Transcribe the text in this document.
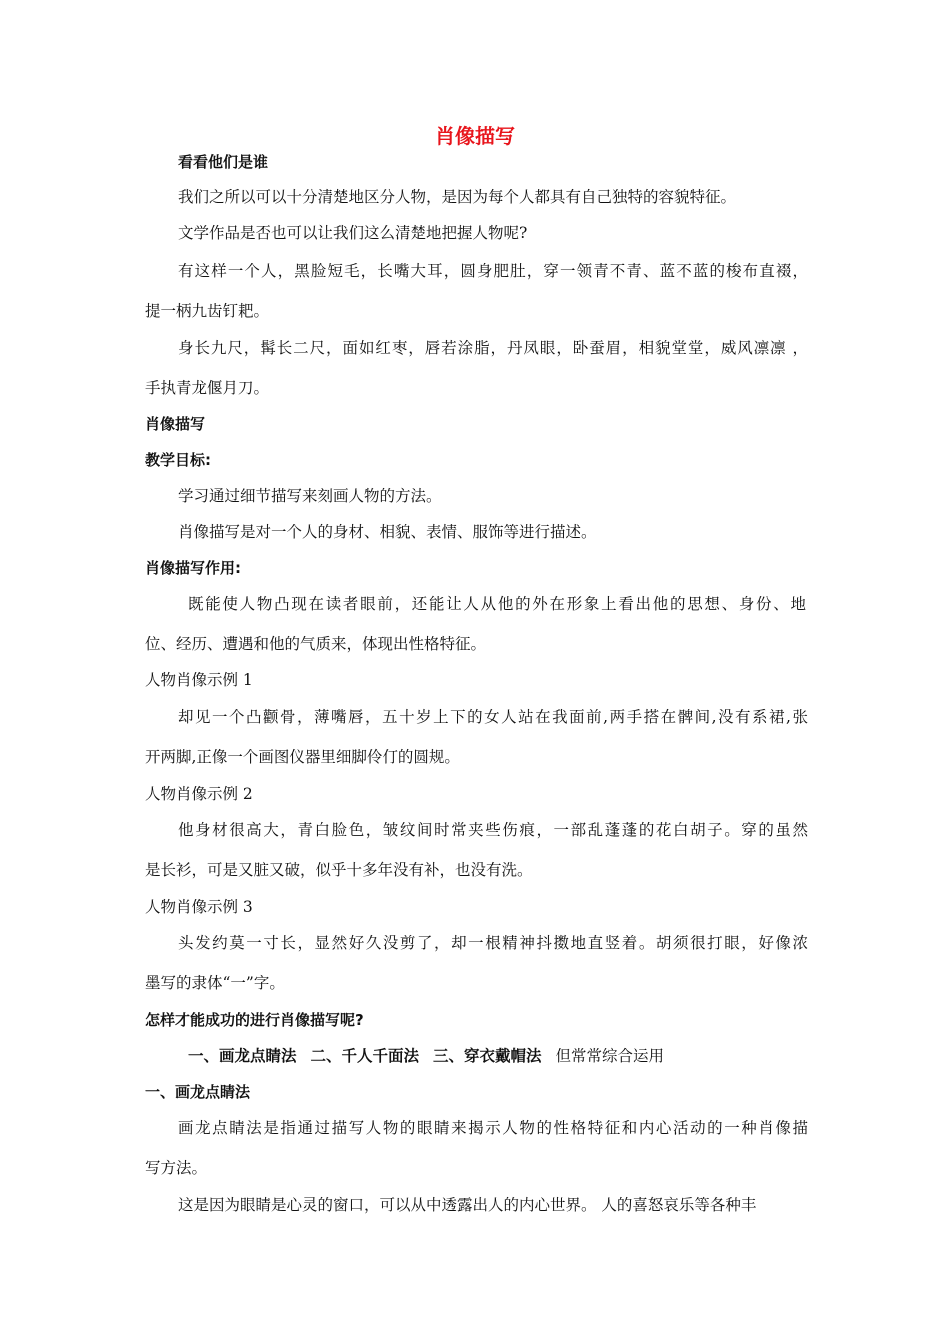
肖像描写
看看他们是谁
我们之所以可以十分清楚地区分人物，是因为每个人都具有自己独特的容貌特征。
文学作品是否也可以让我们这么清楚地把握人物呢?
有这样一个人，黑脸短毛，长嘴大耳，圆身肥肚，穿一领青不青、蓝不蓝的梭布直裰，
提一柄九齿钉耙。
身长九尺，髯长二尺，面如红枣，唇若涂脂，丹凤眼，卧蚕眉，相貌堂堂，威风凛凛 ，
手执青龙偃月刀。
肖像描写
教学目标:
学习通过细节描写来刻画人物的方法。
肖像描写是对一个人的身材、相貌、表情、服饰等进行描述。
肖像描写作用:
既能使人物凸现在读者眼前，还能让人从他的外在形象上看出他的思想、身份、地
位、经历、遭遇和他的气质来，体现出性格特征。
人物肖像示例 1
却见一个凸颧骨，薄嘴唇，五十岁上下的女人站在我面前,两手搭在髀间,没有系裙,张
开两脚,正像一个画图仪器里细脚伶仃的圆规。
人物肖像示例 2
他身材很高大，青白脸色，皱纹间时常夹些伤痕，一部乱蓬蓬的花白胡子。穿的虽然
是长衫，可是又脏又破，似乎十多年没有补，也没有洗。
人物肖像示例 3
头发约莫一寸长，显然好久没剪了，却一根精神抖擞地直竖着。胡须很打眼，好像浓
墨写的隶体“一”字。
怎样才能成功的进行肖像描写呢?
一、画龙点睛法 二、千人千面法 三、穿衣戴帽法 但常常综合运用
一、画龙点睛法
画龙点睛法是指通过描写人物的眼睛来揭示人物的性格特征和内心活动的一种肖像描
写方法。
这是因为眼睛是心灵的窗口，可以从中透露出人的内心世界。 人的喜怒哀乐等各种丰
